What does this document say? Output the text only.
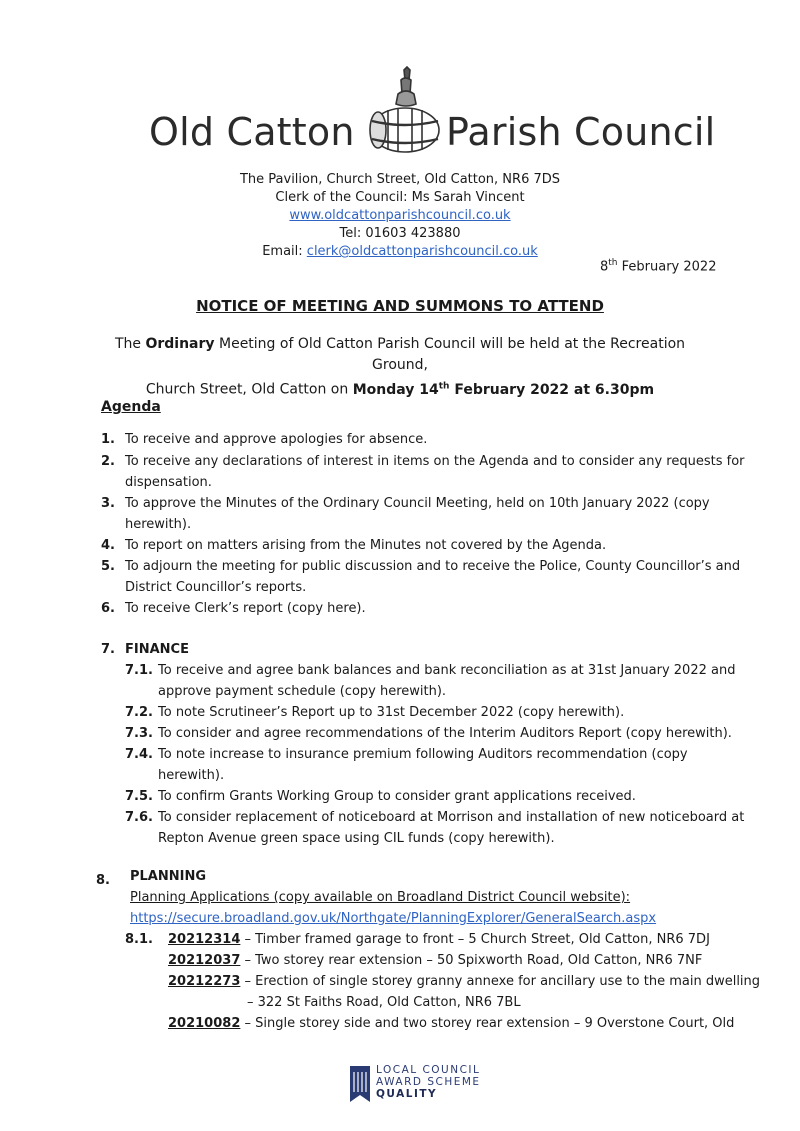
Old Catton Parish Council
The Pavilion, Church Street, Old Catton, NR6 7DS
Clerk of the Council: Ms Sarah Vincent
www.oldcattonparishcouncil.co.uk
Tel: 01603 423880
Email: clerk@oldcattonparishcouncil.co.uk
8th February 2022
NOTICE OF MEETING AND SUMMONS TO ATTEND
The Ordinary Meeting of Old Catton Parish Council will be held at the Recreation Ground,
Church Street, Old Catton on Monday 14th February 2022 at 6.30pm
Agenda
1. To receive and approve apologies for absence.
2. To receive any declarations of interest in items on the Agenda and to consider any requests for
dispensation.
3. To approve the Minutes of the Ordinary Council Meeting, held on 10th January 2022 (copy
herewith).
4. To report on matters arising from the Minutes not covered by the Agenda.
5. To adjourn the meeting for public discussion and to receive the Police, County Councillor’s and
District Councillor’s reports.
6. To receive Clerk’s report (copy here).
7. FINANCE
7.1. To receive and agree bank balances and bank reconciliation as at 31st January 2022 and
approve payment schedule (copy herewith).
7.2. To note Scrutineer’s Report up to 31st December 2022 (copy herewith).
7.3. To consider and agree recommendations of the Interim Auditors Report (copy herewith).
7.4. To note increase to insurance premium following Auditors recommendation (copy
herewith).
7.5. To confirm Grants Working Group to consider grant applications received.
7.6. To consider replacement of noticeboard at Morrison and installation of new noticeboard at
Repton Avenue green space using CIL funds (copy herewith).
8. PLANNING
Planning Applications (copy available on Broadland District Council website):
https://secure.broadland.gov.uk/Northgate/PlanningExplorer/GeneralSearch.aspx
8.1. 20212314 – Timber framed garage to front – 5 Church Street, Old Catton, NR6 7DJ
20212037 – Two storey rear extension – 50 Spixworth Road, Old Catton, NR6 7NF
20212273 – Erection of single storey granny annexe for ancillary use to the main dwelling
– 322 St Faiths Road, Old Catton, NR6 7BL
20210082 – Single storey side and two storey rear extension – 9 Overstone Court, Old
LOCAL COUNCIL
AWARD SCHEME
QUALITY
